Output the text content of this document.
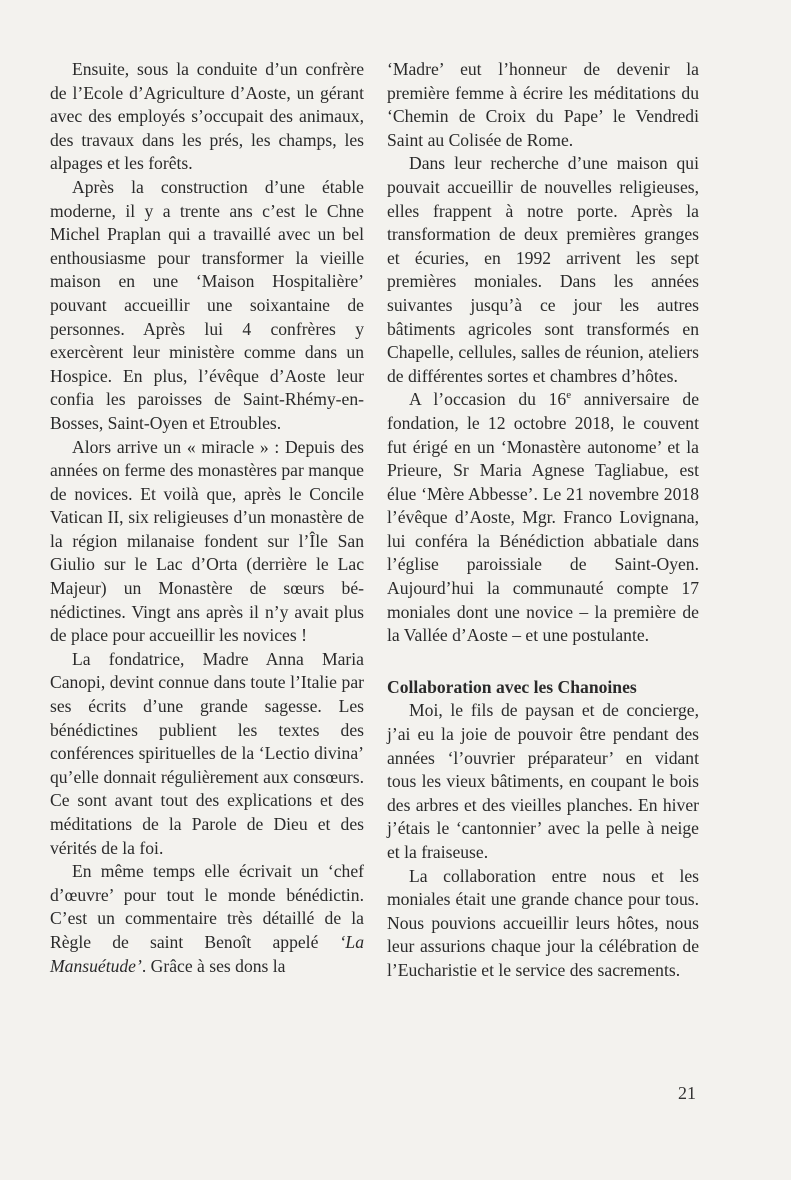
Ensuite, sous la conduite d’un confrère de l’Ecole d’Agriculture d’Aoste, un gérant avec des employés s’occupait des animaux, des travaux dans les prés, les champs, les alpages et les forêts.

Après la construction d’une étable moderne, il y a trente ans c’est le Chne Michel Praplan qui a travaillé avec un bel enthousiasme pour transformer la vieille maison en une ‘Maison Hospitalière’ pouvant accueillir une soixantaine de personnes. Après lui 4 confrères y exercèrent leur ministère comme dans un Hospice. En plus, l’évêque d’Aoste leur confia les paroisses de Saint-Rhémy-en-Bosses, Saint-Oyen et Etroubles.

Alors arrive un « miracle » : Depuis des années on ferme des monastères par manque de novices. Et voilà que, après le Concile Vatican II, six religieuses d’un monastère de la région milanaise fondent sur l’Île San Giulio sur le Lac d’Orta (derrière le Lac Majeur) un Monastère de sœurs bénédictines. Vingt ans après il n’y avait plus de place pour accueillir les novices !

La fondatrice, Madre Anna Maria Canopi, devint connue dans toute l’Italie par ses écrits d’une grande sagesse. Les bénédictines publient les textes des conférences spirituelles de la ‘Lectio divina’ qu’elle donnait régulièrement aux consœurs. Ce sont avant tout des explications et des méditations de la Parole de Dieu et des vérités de la foi.

En même temps elle écrivait un ‘chef d’œuvre’ pour tout le monde bénédictin. C’est un commentaire très détaillé de la Règle de saint Benoît appelé ‘La Mansuétude’. Grâce à ses dons la

‘Madre’ eut l’honneur de devenir la première femme à écrire les méditations du ‘Chemin de Croix du Pape’ le Vendredi Saint au Colisée de Rome.

Dans leur recherche d’une maison qui pouvait accueillir de nouvelles religieuses, elles frappent à notre porte. Après la transformation de deux premières granges et écuries, en 1992 arrivent les sept premières moniales. Dans les années suivantes jusqu’à ce jour les autres bâtiments agricoles sont transformés en Chapelle, cellules, salles de réunion, ateliers de différentes sortes et chambres d’hôtes.

A l’occasion du 16e anniversaire de fondation, le 12 octobre 2018, le couvent fut érigé en un ‘Monastère autonome’ et la Prieure, Sr Maria Agnese Tagliabue, est élue ‘Mère Abbesse’. Le 21 novembre 2018 l’évêque d’Aoste, Mgr. Franco Lovignana, lui conféra la Bénédiction abbatiale dans l’église paroissiale de Saint-Oyen. Aujourd’hui la communauté compte 17 moniales dont une novice – la première de la Vallée d’Aoste – et une postulante.

Collaboration avec les Chanoines

Moi, le fils de paysan et de concierge, j’ai eu la joie de pouvoir être pendant des années ‘l’ouvrier préparateur’ en vidant tous les vieux bâtiments, en coupant le bois des arbres et des vieilles planches. En hiver j’étais le ‘cantonnier’ avec la pelle à neige et la fraiseuse.

La collaboration entre nous et les moniales était une grande chance pour tous. Nous pouvions accueillir leurs hôtes, nous leur assurions chaque jour la célébration de l’Eucharistie et le service des sacrements.

21
